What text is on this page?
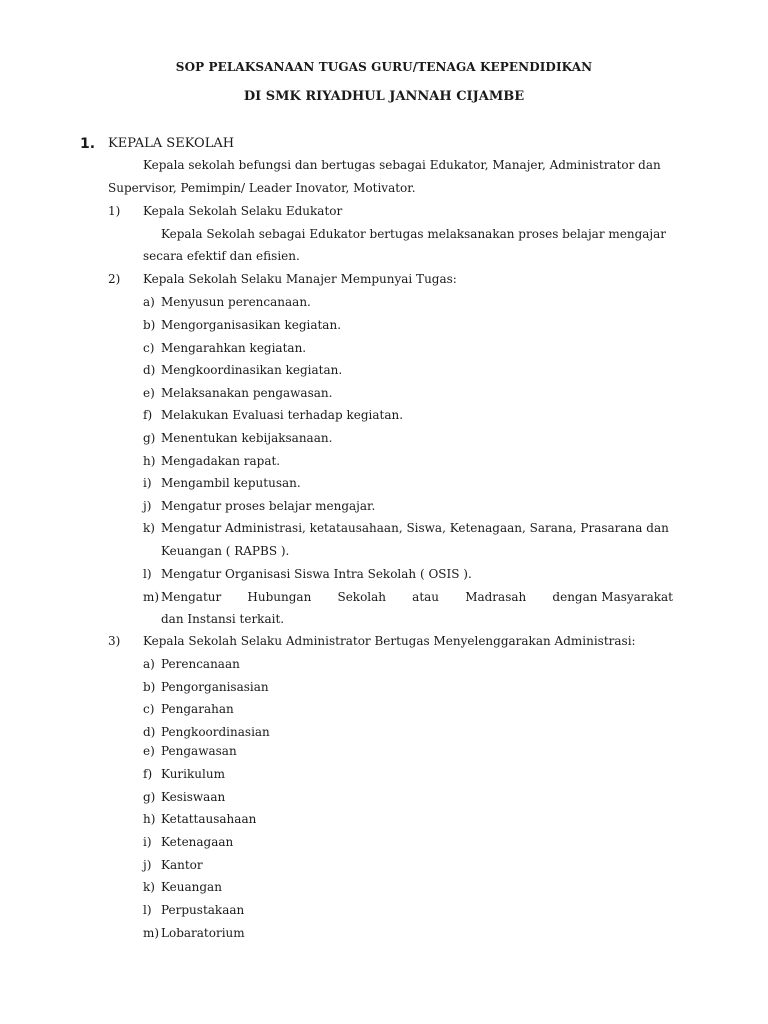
SOP PELAKSANAAN TUGAS GURU/TENAGA KEPENDIDIKAN
DI SMK RIYADHUL JANNAH CIJAMBE
1. KEPALA SEKOLAH
Kepala sekolah befungsi dan bertugas sebagai Edukator, Manajer, Administrator dan
Supervisor, Pemimpin/ Leader Inovator, Motivator.
1) Kepala Sekolah Selaku Edukator
Kepala Sekolah sebagai Edukator bertugas melaksanakan proses belajar mengajar
secara efektif dan efisien.
2) Kepala Sekolah Selaku Manajer Mempunyai Tugas:
a) Menyusun perencanaan.
b) Mengorganisasikan kegiatan.
c) Mengarahkan kegiatan.
d) Mengkoordinasikan kegiatan.
e) Melaksanakan pengawasan.
f) Melakukan Evaluasi terhadap kegiatan.
g) Menentukan kebijaksanaan.
h) Mengadakan rapat.
i) Mengambil keputusan.
j) Mengatur proses belajar mengajar.
k) Mengatur Administrasi, ketatausahaan, Siswa, Ketenagaan, Sarana, Prasarana dan
Keuangan ( RAPBS ).
l) Mengatur Organisasi Siswa Intra Sekolah ( OSIS ).
m) Mengatur Hubungan Sekolah atau Madrasah dengan Masyarakat
dan Instansi terkait.
3) Kepala Sekolah Selaku Administrator Bertugas Menyelenggarakan Administrasi:
a) Perencanaan
b) Pengorganisasian
c) Pengarahan
d) Pengkoordinasian
e) Pengawasan
f) Kurikulum
g) Kesiswaan
h) Ketattausahaan
i) Ketenagaan
j) Kantor
k) Keuangan
l) Perpustakaan
m) Lobaratorium
